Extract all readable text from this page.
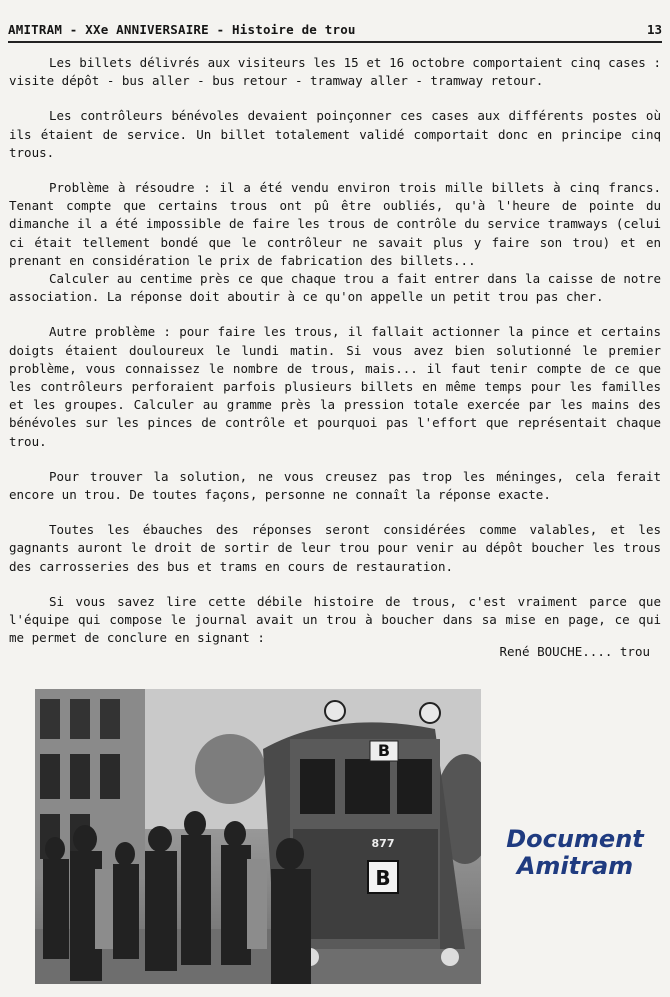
AMITRAM - XXe ANNIVERSAIRE - Histoire de trou	13

Les billets délivrés aux visiteurs les 15 et 16 octobre comportaient cinq cases : visite dépôt - bus aller - bus retour - tramway aller - tramway retour.

Les contrôleurs bénévoles devaient poinçonner ces cases aux différents postes où ils étaient de service. Un billet totalement validé comportait donc en principe cinq trous.

Problème à résoudre : il a été vendu environ trois mille billets à cinq francs. Tenant compte que certains trous ont pû être oubliés, qu'à l'heure de pointe du dimanche il a été impossible de faire les trous de contrôle du service tramways (celui ci était tellement bondé que le contrôleur ne savait plus y faire son trou) et en prenant en considération le prix de fabrication des billets...

Calculer au centime près ce que chaque trou a fait entrer dans la caisse de notre association. La réponse doit aboutir à ce qu'on appelle un petit trou pas cher.

Autre problème : pour faire les trous, il fallait actionner la pince et certains doigts étaient douloureux le lundi matin. Si vous avez bien solutionné le premier problème, vous connaissez le nombre de trous, mais... il faut tenir compte de ce que les contrôleurs perforaient parfois plusieurs billets en même temps pour les familles et les groupes. Calculer au gramme près la pression totale exercée par les mains des bénévoles sur les pinces de contrôle et pourquoi pas l'effort que représentait chaque trou.

Pour trouver la solution, ne vous creusez pas trop les méninges, cela ferait encore un trou. De toutes façons, personne ne connaît la réponse exacte.

Toutes les ébauches des réponses seront considérées comme valables, et les gagnants auront le droit de sortir de leur trou pour venir au dépôt boucher les trous des carrosseries des bus et trams en cours de restauration.

Si vous savez lire cette débile histoire de trous, c'est vraiment parce que l'équipe qui compose le journal avait un trou à boucher dans sa mise en page, ce qui me permet de conclure en signant :

René BOUCHE.... trou
B
877
B
Document
Amitram
